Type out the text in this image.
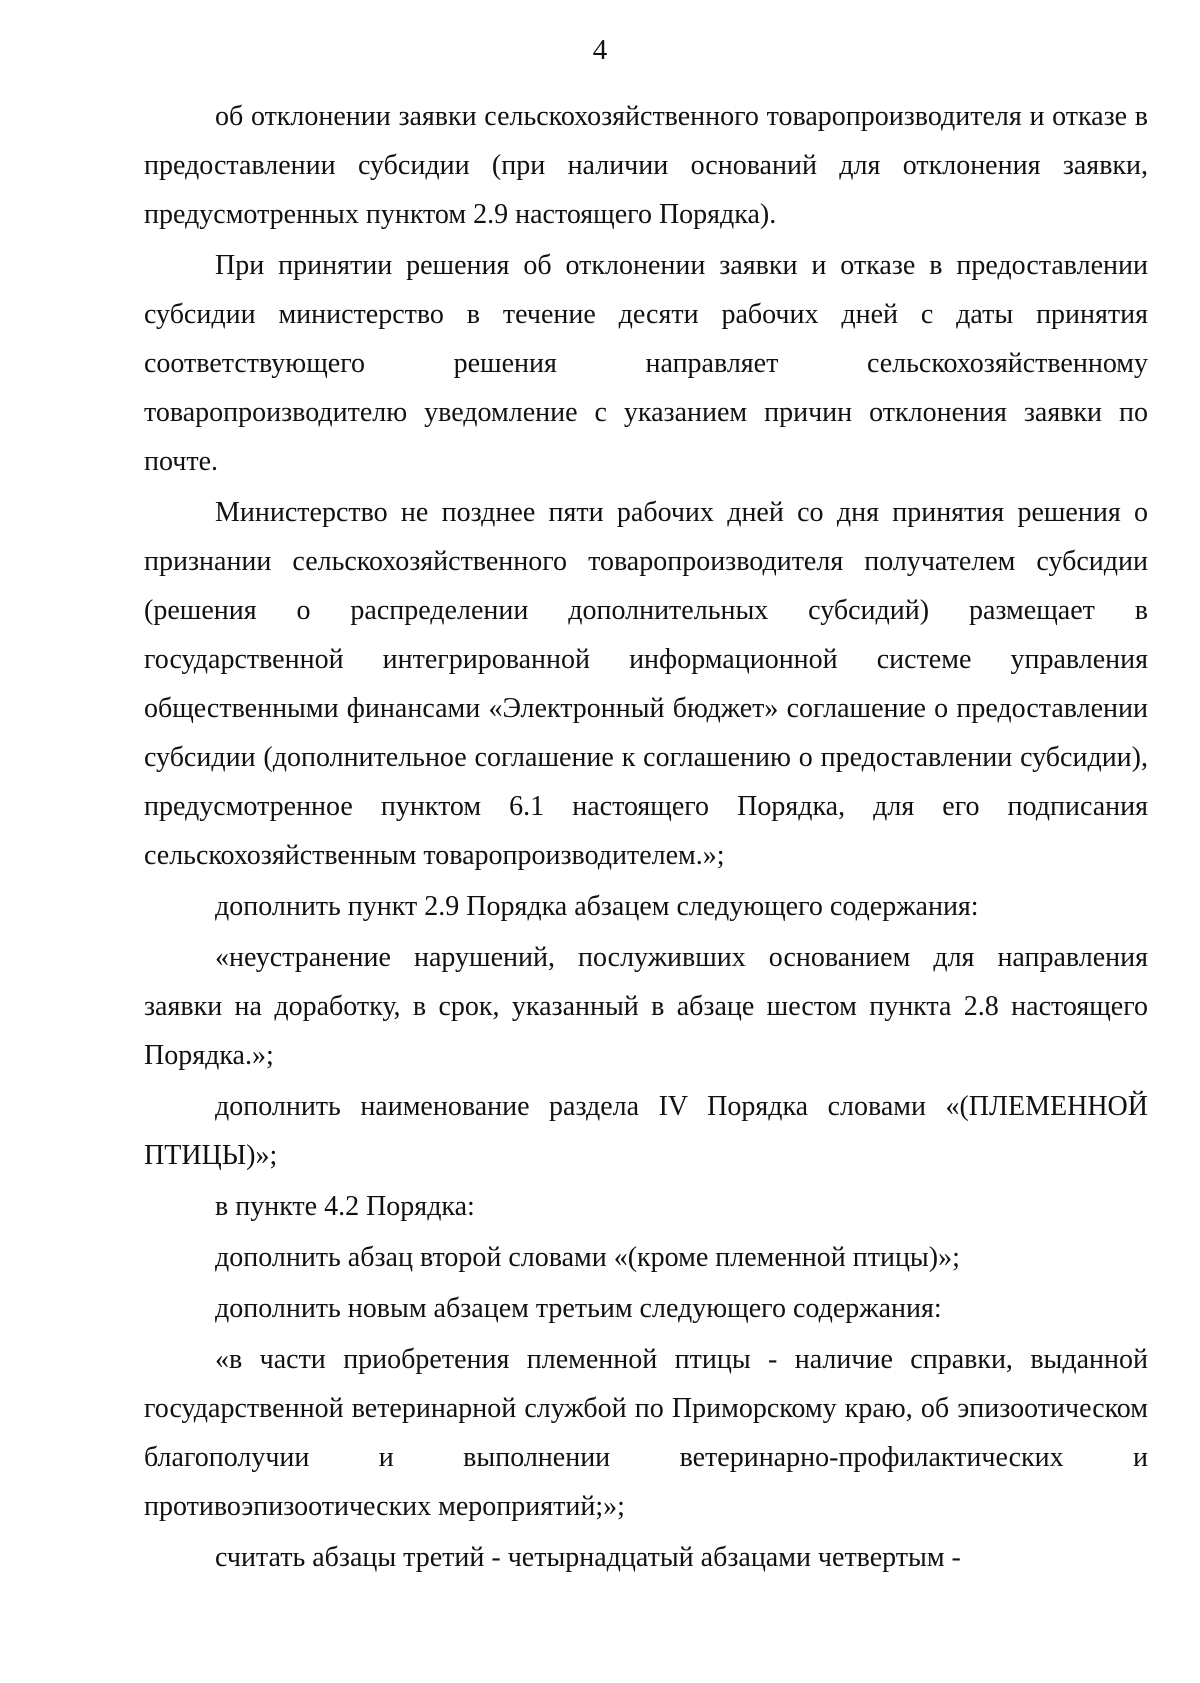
4

об отклонении заявки сельскохозяйственного товаропроизводителя и отказе в предоставлении субсидии (при наличии оснований для отклонения заявки, предусмотренных пунктом 2.9 настоящего Порядка).

При принятии решения об отклонении заявки и отказе в предоставлении субсидии министерство в течение десяти рабочих дней с даты принятия соответствующего решения направляет сельскохозяйственному товаропроизводителю уведомление с указанием причин отклонения заявки по почте.

Министерство не позднее пяти рабочих дней со дня принятия решения о признании сельскохозяйственного товаропроизводителя получателем субсидии (решения о распределении дополнительных субсидий) размещает в государственной интегрированной информационной системе управления общественными финансами «Электронный бюджет» соглашение о предоставлении субсидии (дополнительное соглашение к соглашению о предоставлении субсидии), предусмотренное пунктом 6.1 настоящего Порядка, для его подписания сельскохозяйственным товаропроизводителем.»;

дополнить пункт 2.9 Порядка абзацем следующего содержания:

«неустранение нарушений, послуживших основанием для направления заявки на доработку, в срок, указанный в абзаце шестом пункта 2.8 настоящего Порядка.»;

дополнить наименование раздела IV Порядка словами «(ПЛЕМЕННОЙ ПТИЦЫ)»;

в пункте 4.2 Порядка:

дополнить абзац второй словами «(кроме племенной птицы)»;

дополнить новым абзацем третьим следующего содержания:

«в части приобретения племенной птицы - наличие справки, выданной государственной ветеринарной службой по Приморскому краю, об эпизоотическом благополучии и выполнении ветеринарно-профилактических и противоэпизоотических мероприятий;»;

считать абзацы третий - четырнадцатый абзацами четвертым -
